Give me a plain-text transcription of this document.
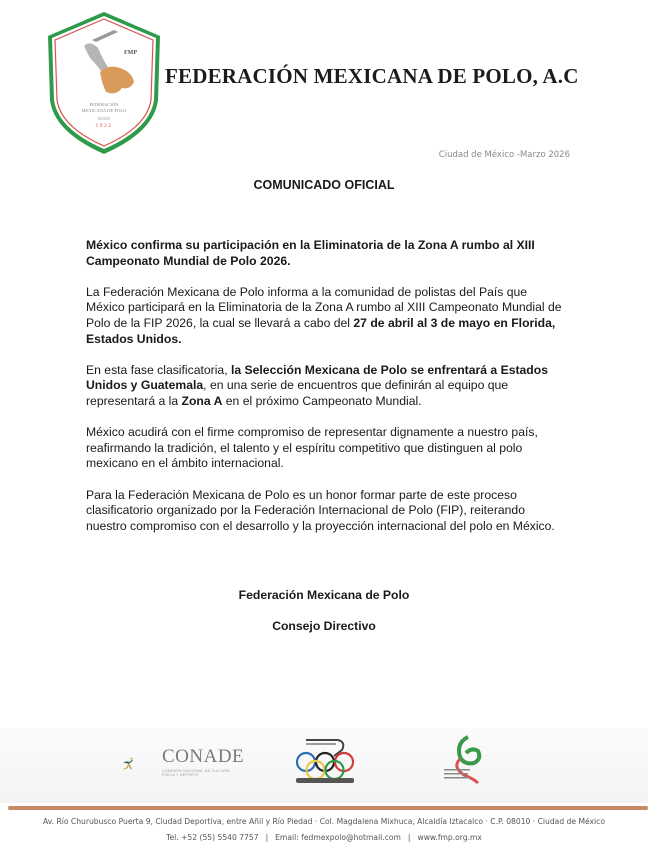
FMP
FEDERACIÓN
MEXICANA DE POLO
DESDE
1922
FEDERACIÓN MEXICANA DE POLO, A.C
Ciudad de México -Marzo 2026
COMUNICADO OFICIAL

México confirma su participación en la Eliminatoria de la Zona A rumbo al XIII Campeonato Mundial de Polo 2026.

La Federación Mexicana de Polo informa a la comunidad de polistas del País que México participará en la Eliminatoria de la Zona A rumbo al XIII Campeonato Mundial de Polo de la FIP 2026, la cual se llevará a cabo del 27 de abril al 3 de mayo en Florida, Estados Unidos.

En esta fase clasificatoria, la Selección Mexicana de Polo se enfrentará a Estados Unidos y Guatemala, en una serie de encuentros que definirán al equipo que representará a la Zona A en el próximo Campeonato Mundial.

México acudirá con el firme compromiso de representar dignamente a nuestro país, reafirmando la tradición, el talento y el espíritu competitivo que distinguen al polo mexicano en el ámbito internacional.

Para la Federación Mexicana de Polo es un honor formar parte de este proceso clasificatorio organizado por la Federación Internacional de Polo (FIP), reiterando nuestro compromiso con el desarrollo y la proyección internacional del polo en México.

Federación Mexicana de Polo
Consejo Directivo
CONADE
COMISIÓN NACIONAL DE CULTURA FÍSICA Y DEPORTE
Av. Río Churubusco Puerta 9, Ciudad Deportiva, entre Añil y Río Piedad · Col. Magdalena Mixhuca, Alcaldía Iztacalco · C.P. 08010 · Ciudad de México
Tel. +52 (55) 5540 7757 | Email: fedmexpolo@hotmail.com | www.fmp.org.mx
